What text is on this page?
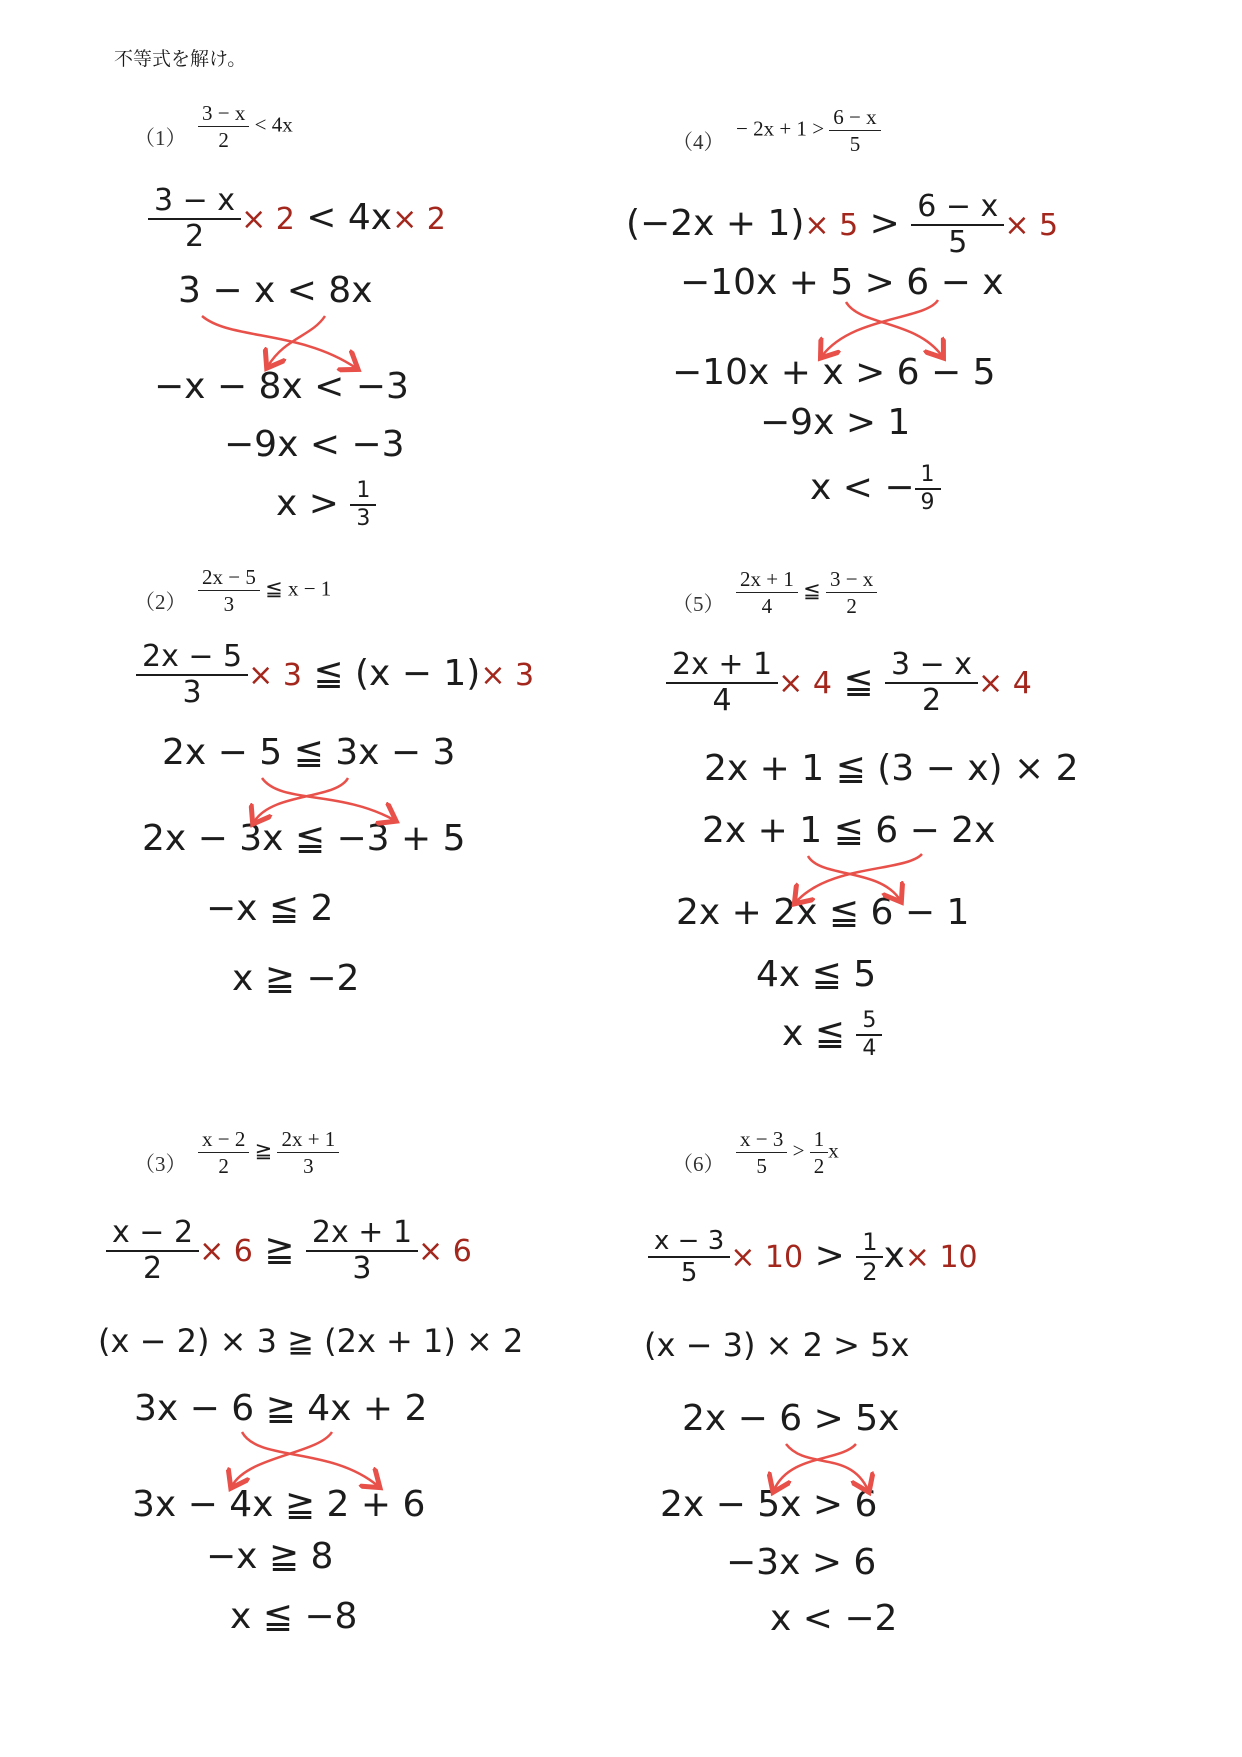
不等式を解け。
$(1) \frac{3 - x}{2} < 4x$
$\frac{3 - x}{2} \times 2 < 4x\times 2$
3 − x < 8x
−x − 8x < −3
−9x < −3
$x > \frac{1}{3}$
$(2) \frac{2x - 5}{3}$ ≦ x − 1
$\frac{2x - 5}{3} \times 3$ ≦ (x − 1)× 3
2x − 5 ≦ 3x − 3
2x − 3x ≦ −3 + 5
−x ≦ 2
x ≧ −2
$(3) \frac{x - 2}{2}$ ≧ $\frac{2x + 1}{3}$
$\frac{x - 2}{2} \times 6$ ≧ $\frac{2x + 1}{3} \times 6$
(x − 2) × 3 ≧ (2x + 1) × 2
3x − 6 ≧ 4x + 2
3x − 4x ≧ 2 + 6
−x ≧ 8
x ≦ −8
（4）
− $2x + 1 > \frac{6 - x}{5}$
$(-2x + 1)\times 5 > \frac{6 - x}{5} \times 5$
−10x + 5 > 6 − x
−10x + x > 6 − 5
−9x > 1
x < − $\frac{1}{9}$
$(5) \frac{2x + 1}{4}$ ≦ $\frac{3 - x}{2}$
$\frac{2x + 1}{4} \times 4$ ≦ $\frac{3 - x}{2} \times 4$
2x + 1 ≦ (3 − x) × 2
2x + 1 ≦ 6 − 2x
2x + 2x ≦ 6 − 1
4x ≦ 5
x ≦ $\frac{5}{4}$
$(6) \frac{x - 3}{5} > \frac{1}{2}$ x
$\frac{x - 3}{5} \times 10 > \frac{1}{2} x\times 10$
(x − 3) × 2 > 5x
2x − 6 > 5x
2x − 5x > 6
−3x > 6
x < −2
